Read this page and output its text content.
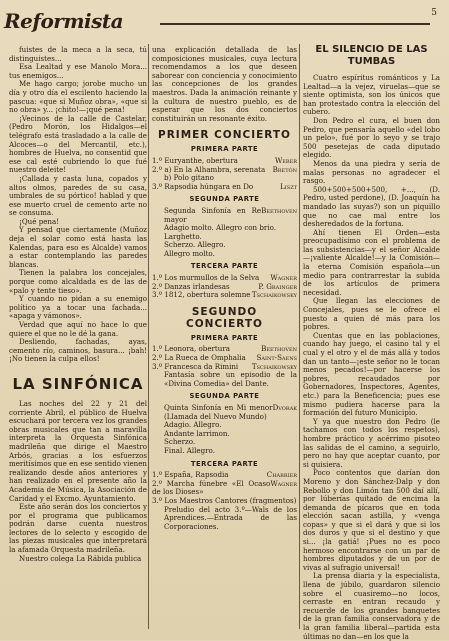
Reformista	5

fuistes de la meca a la seca, tú distinguistes...

Esa Lealtad y ese Manolo Mora... tus enemigos...

Me hago cargo; jorobe mucho un día y otro día el escilento haciendo la pascua: «que si Muñoz obra», «que si no obra» y... ¡chito!—¡qué pena!

¡Vecinos de la calle de Castelar, (Pedro Morón, los Hidalgos—el telégrafo está trasladado a la calle de Alcoces—o del Mercantil, etc.), hombres de Huelva, no consentid que ese cal esté cubriendo lo que fué nuestro deleite!

¡Callada y casta luna, copados y altos olmos, paredes de su casa, umbrales de su pórtico! hablad y que ese muerto cruel de cemento arte no se consuma.

¡Qué pena!

Y pensad que ciertamente (Muñoz deja el solar como está hasta las Kalendas, para eso es Alcalde) vamos a estar contemplando las paredes blancas.

Tienen la palabra los concejales, porque como alcaldada es de las de «palo y tente tieso».

Y cuando no pidan a su enemigo político ya a tocar una fachada... «apaga y vámonos».

Verdad que aquí no hace lo que quiere el que no le dé la gana.

Desliendo, fachadas, ayas, cemento río, caminos, basura... ¡bah! ¡No tienen la culpa ellos!

LA SINFÓNICA

Las noches del 22 y 21 del corriente Abril, el público de Huelva escuchará por tercera vez los grandes obras musicales que tan a maravilla interpreta la Orquesta Sinfónica madrileña que dirige el Maestro Arbós, gracias a los esfuerzos meritísimos que en ese sentido vienen realizando desde años anteriores y han realizado en el presente año la Academia de Música, la Asociación de Caridad y el Excmo. Ayuntamiento.

Este año serán dos los conciertos y por el programa que publicamos podrán darse cuenta nuestros lectores de lo selecto y escogido de las piezas musicales que interpretará la afamada Orquesta madrileña.

Nuestro colega La Rábida publica

una explicación detallada de las composiciones musicales, cuya lectura recomendamos a los que deseen saborear con conciencia y conocimiento las concepciones de los grandes maestros. Dada la animación reinante y la cultura de nuestro pueblo, es de esperar que los dos conciertos constituirán un resonante éxito.

PRIMER CONCIERTO
PRIMERA PARTE
Weber
1.º Euryanthe, obertura
Bretón
2.º a) En la Alhambra, serenata
b) Polo gitano
Liszt
3.º Rapsodia húngara en Do
SEGUNDA PARTE
Beethoven
Segunda Sinfonía en Re mayor
Adagio molto. Allegro con brio.
Larghetto.
Scherzo. Allegro.
Allegro molto.
TERCERA PARTE
Wagner
1.º Los murmullos de la Selva
P. Grainger
2.º Danzas irlandesas
Tschaikowsky
3.º 1812, obertura solemne
SEGUNDO CONCIERTO
PRIMERA PARTE
Beethoven
1.º Leonora, obertura
Saint-Saens
2.º La Rueca de Omphalia
Tschaikowsky
3.º Francesca da Rimini
Fantasía sobre un episodio de la «Divina Comedia» del Dante.
SEGUNDA PARTE
Dvorak
Quinta Sinfonía en Mi menor (Llamada del Nuevo Mundo)
Adagio. Allegro.
Andante larrimon.
Scherzo.
Final. Allegro.
TERCERA PARTE
Chabrier
1.º España, Rapsodia
Wagner
2.º Marcha fúnebre «El Ocaso de los Dioses»
3.º Los Maestros Cantores (fragmentos)
Preludio del acto 3.º—Wals de los Aprendices.—Entrada de las Corporaciones.
EL SILENCIO DE LAS TUMBAS

Cuatro espíritus románticos y La Lealtad—a la vejez, viruelas—que se siente optimista, son los únicos que han protestado contra la elección del cubero.

Don Pedro el cura, el buen don Pedro, que pensaría aquello «del lobo un pelo», fué por lo seyo y se trajo 500 pesetejas de cada diputado elegido.

Menos da una piedra y sería de malas personas no agradecer el rasgo.

500+500+500+500, +..., (D. Pedro, usted perdone), (D. Joaquín ha mandado las suyas?) son un piquillo que no cae mal entre los desheredados de la fortuna.

Ahí tienen El Orden—esta preocupadísimo con el problema de las subsistencias—y el señor Alcalde—¡valiente Alcalde!—y la Comisión—la eterna Comisión española—un medio para contrarrestar la subida de los artículos de primera necesidad.

Que llegan las elecciones de Concejales, pues se le ofrece el puesto a quien dé más para los pobres.

Cuentas que en las poblaciones, cuando hay juego, el casino tal y el cual y el otro y el de más allá y todos dan un tanto—¡este señor no le tocan menos pecados!—por hacerse los pobres, recaudados por Gobernadores, Inspectores, Agentes, etc.) para la Beneficencia; pues ese mismo pudiera hacerse para la formación del futuro Municipio.

Y ya que nuestro don Pedro (le tachamos con todos los respetos), hombre práctico y acérrimo pisoteo las salidas de el camino, a seguirlo, pero no hay que aceptar cuanto, por si quisiera.

Poco contentos que darían don Moreno y don Sánchez-Dalp y don Rebollo y don Limón tan 500 daí allí, por lúberías quitado de encima la demanda de pícaros que en toda elección sacan astilla, y «venga copas» y que si el dará y que si los dos duros y que si el destino y que si... ¡la gatiá! ¡Pues no es poco hermoso encontrarse con un par de hombres diputados y de un por de vivas al sufragio universal!

La prensa diaria y la especialista, llena de júbilo, guardaron silencio sobre el cuasiremo—no locos, cerraste en entran recaudo y recuerde de los grandes banquetes de la gran familia conservadora y de la gran familia liberal—partida esta últimas no dan—en los que la
